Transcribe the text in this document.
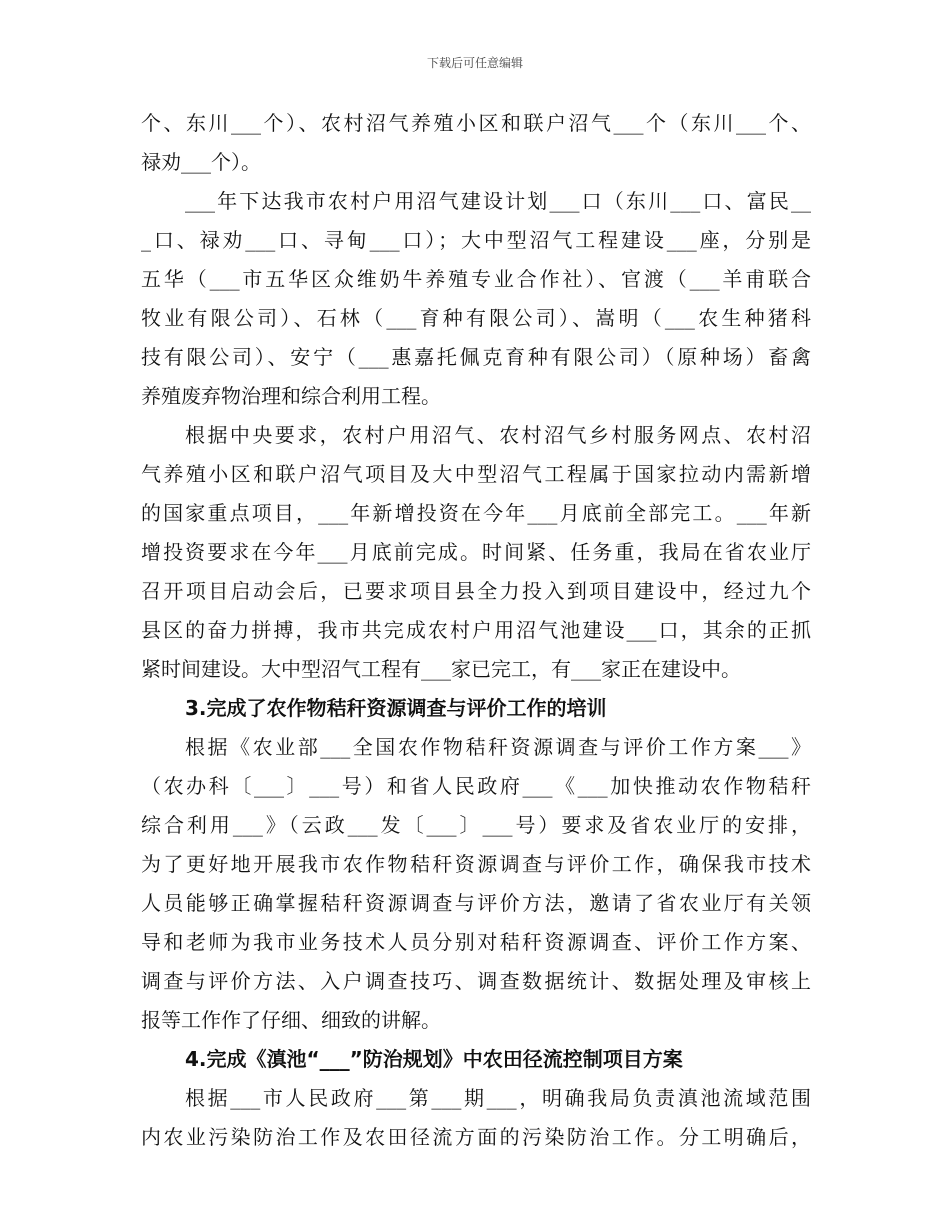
下载后可任意编辑
个、东川___个）、农村沼气养殖小区和联户沼气___个（东川___个、
禄劝___个）。
___年下达我市农村户用沼气建设计划___口（东川___口、富民__
_口、禄劝___口、寻甸___口）；大中型沼气工程建设___座，分别是
五华（___市五华区众维奶牛养殖专业合作社）、官渡（___羊甫联合
牧业有限公司）、石林（___育种有限公司）、嵩明（___农生种猪科
技有限公司）、安宁（___惠嘉托佩克育种有限公司）（原种场）畜禽
养殖废弃物治理和综合利用工程。
根据中央要求，农村户用沼气、农村沼气乡村服务网点、农村沼
气养殖小区和联户沼气项目及大中型沼气工程属于国家拉动内需新增
的国家重点项目，___年新增投资在今年___月底前全部完工。___年新
增投资要求在今年___月底前完成。时间紧、任务重，我局在省农业厅
召开项目启动会后，已要求项目县全力投入到项目建设中，经过九个
县区的奋力拼搏，我市共完成农村户用沼气池建设___口，其余的正抓
紧时间建设。大中型沼气工程有___家已完工，有___家正在建设中。
3.完成了农作物秸秆资源调查与评价工作的培训
根据《农业部___全国农作物秸秆资源调查与评价工作方案___》
（农办科〔___〕___号）和省人民政府___《___加快推动农作物秸秆
综合利用___》（云政___发〔___〕___号）要求及省农业厅的安排，
为了更好地开展我市农作物秸秆资源调查与评价工作，确保我市技术
人员能够正确掌握秸秆资源调查与评价方法，邀请了省农业厅有关领
导和老师为我市业务技术人员分别对秸秆资源调查、评价工作方案、
调查与评价方法、入户调查技巧、调查数据统计、数据处理及审核上
报等工作作了仔细、细致的讲解。
4.完成《滇池“___”防治规划》中农田径流控制项目方案
根据___市人民政府___第___期___，明确我局负责滇池流域范围
内农业污染防治工作及农田径流方面的污染防治工作。分工明确后，
